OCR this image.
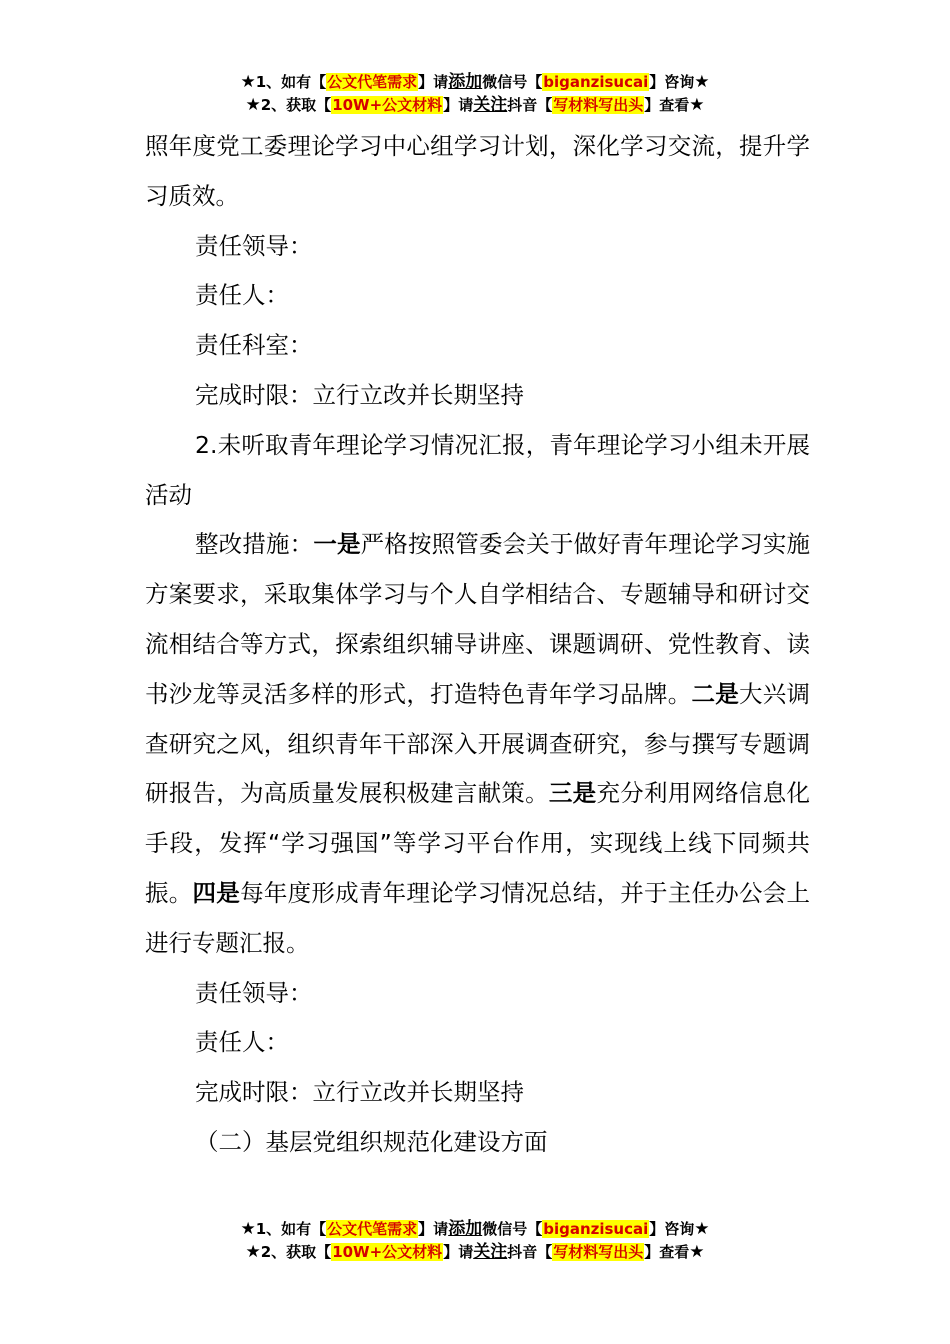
★1、如有【公文代笔需求】请添加微信号【biganzisucai】咨询★
★2、获取【10W+公文材料】请关注抖音【写材料写出头】查看★

照年度党工委理论学习中心组学习计划，深化学习交流，提升学习质效。

责任领导：

责任人：

责任科室：

完成时限：立行立改并长期坚持

2.未听取青年理论学习情况汇报，青年理论学习小组未开展活动

整改措施：一是严格按照管委会关于做好青年理论学习实施方案要求，采取集体学习与个人自学相结合、专题辅导和研讨交流相结合等方式，探索组织辅导讲座、课题调研、党性教育、读书沙龙等灵活多样的形式，打造特色青年学习品牌。二是大兴调查研究之风，组织青年干部深入开展调查研究，参与撰写专题调研报告，为高质量发展积极建言献策。三是充分利用网络信息化手段，发挥“学习强国”等学习平台作用，实现线上线下同频共振。四是每年度形成青年理论学习情况总结，并于主任办公会上进行专题汇报。

责任领导：

责任人：

完成时限：立行立改并长期坚持

（二）基层党组织规范化建设方面

★1、如有【公文代笔需求】请添加微信号【biganzisucai】咨询★
★2、获取【10W+公文材料】请关注抖音【写材料写出头】查看★
